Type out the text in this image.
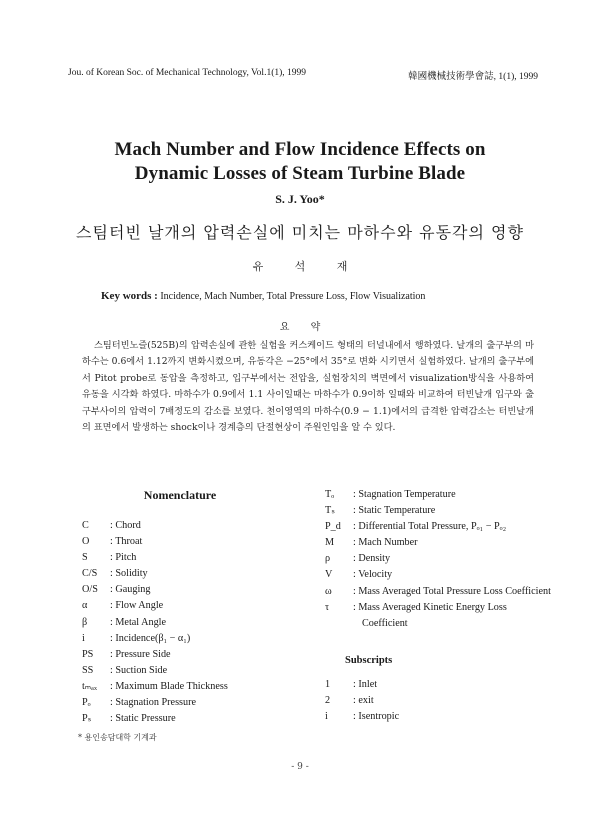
Jou. of Korean Soc. of Mechanical Technology, Vol.1(1), 1999	韓國機械技術學會誌, 1(1), 1999
Mach Number and Flow Incidence Effects on
Dynamic Losses of Steam Turbine Blade
S. J. Yoo*
스팀터빈 날개의 압력손실에 미치는 마하수와 유동각의 영향
유 석 재
Key words : Incidence, Mach Number, Total Pressure Loss, Flow Visualization
요 약
스팀터빈노즐(525B)의 압력손실에 관한 실험을 커스케이드 형태의 터널내에서 행하였다. 날개의 출구부의 마하수는 0.6에서 1.12까지 변화시켰으며, 유동각은 −25°에서 35°로 변화 시키면서 실험하였다. 날개의 출구부에서 Pitot probe로 동압을 측정하고, 입구부에서는 전압을, 실험장치의 벽면에서 visualization방식을 사용하여 유동을 시각화 하였다. 마하수가 0.9에서 1.1 사이일때는 마하수가 0.9이하 일때와 비교하여 터빈날개 입구와 출구부사이의 압력이 7배정도의 감소를 보였다. 천이영역의 마하수(0.9 − 1.1)에서의 급격한 압력감소는 터빈날개의 표면에서 발생하는 shock이나 경계층의 단절현상이 주원인임을 알 수 있다.
Nomenclature
C	: Chord
O	: Throat
S	: Pitch
C/S	: Solidity
O/S	: Gauging
α	: Flow Angle
β	: Metal Angle
i	: Incidence(β₁ − α₁)
PS	: Pressure Side
SS	: Suction Side
tₘₐₓ	: Maximum Blade Thickness
Pₒ	: Stagnation Pressure
Pₛ	: Static Pressure
Tₒ	: Stagnation Temperature
Tₛ	: Static Temperature
P_d	: Differential Total Pressure, Pₒ₁ − Pₒ₂
M	: Mach Number
ρ	: Density
V	: Velocity
ω	: Mass Averaged Total Pressure Loss Coefficient
τ	: Mass Averaged Kinetic Energy Loss Coefficient
Subscripts
1	: Inlet
2	: exit
i	: Isentropic
* 용인송담대학 기계과
- 9 -
